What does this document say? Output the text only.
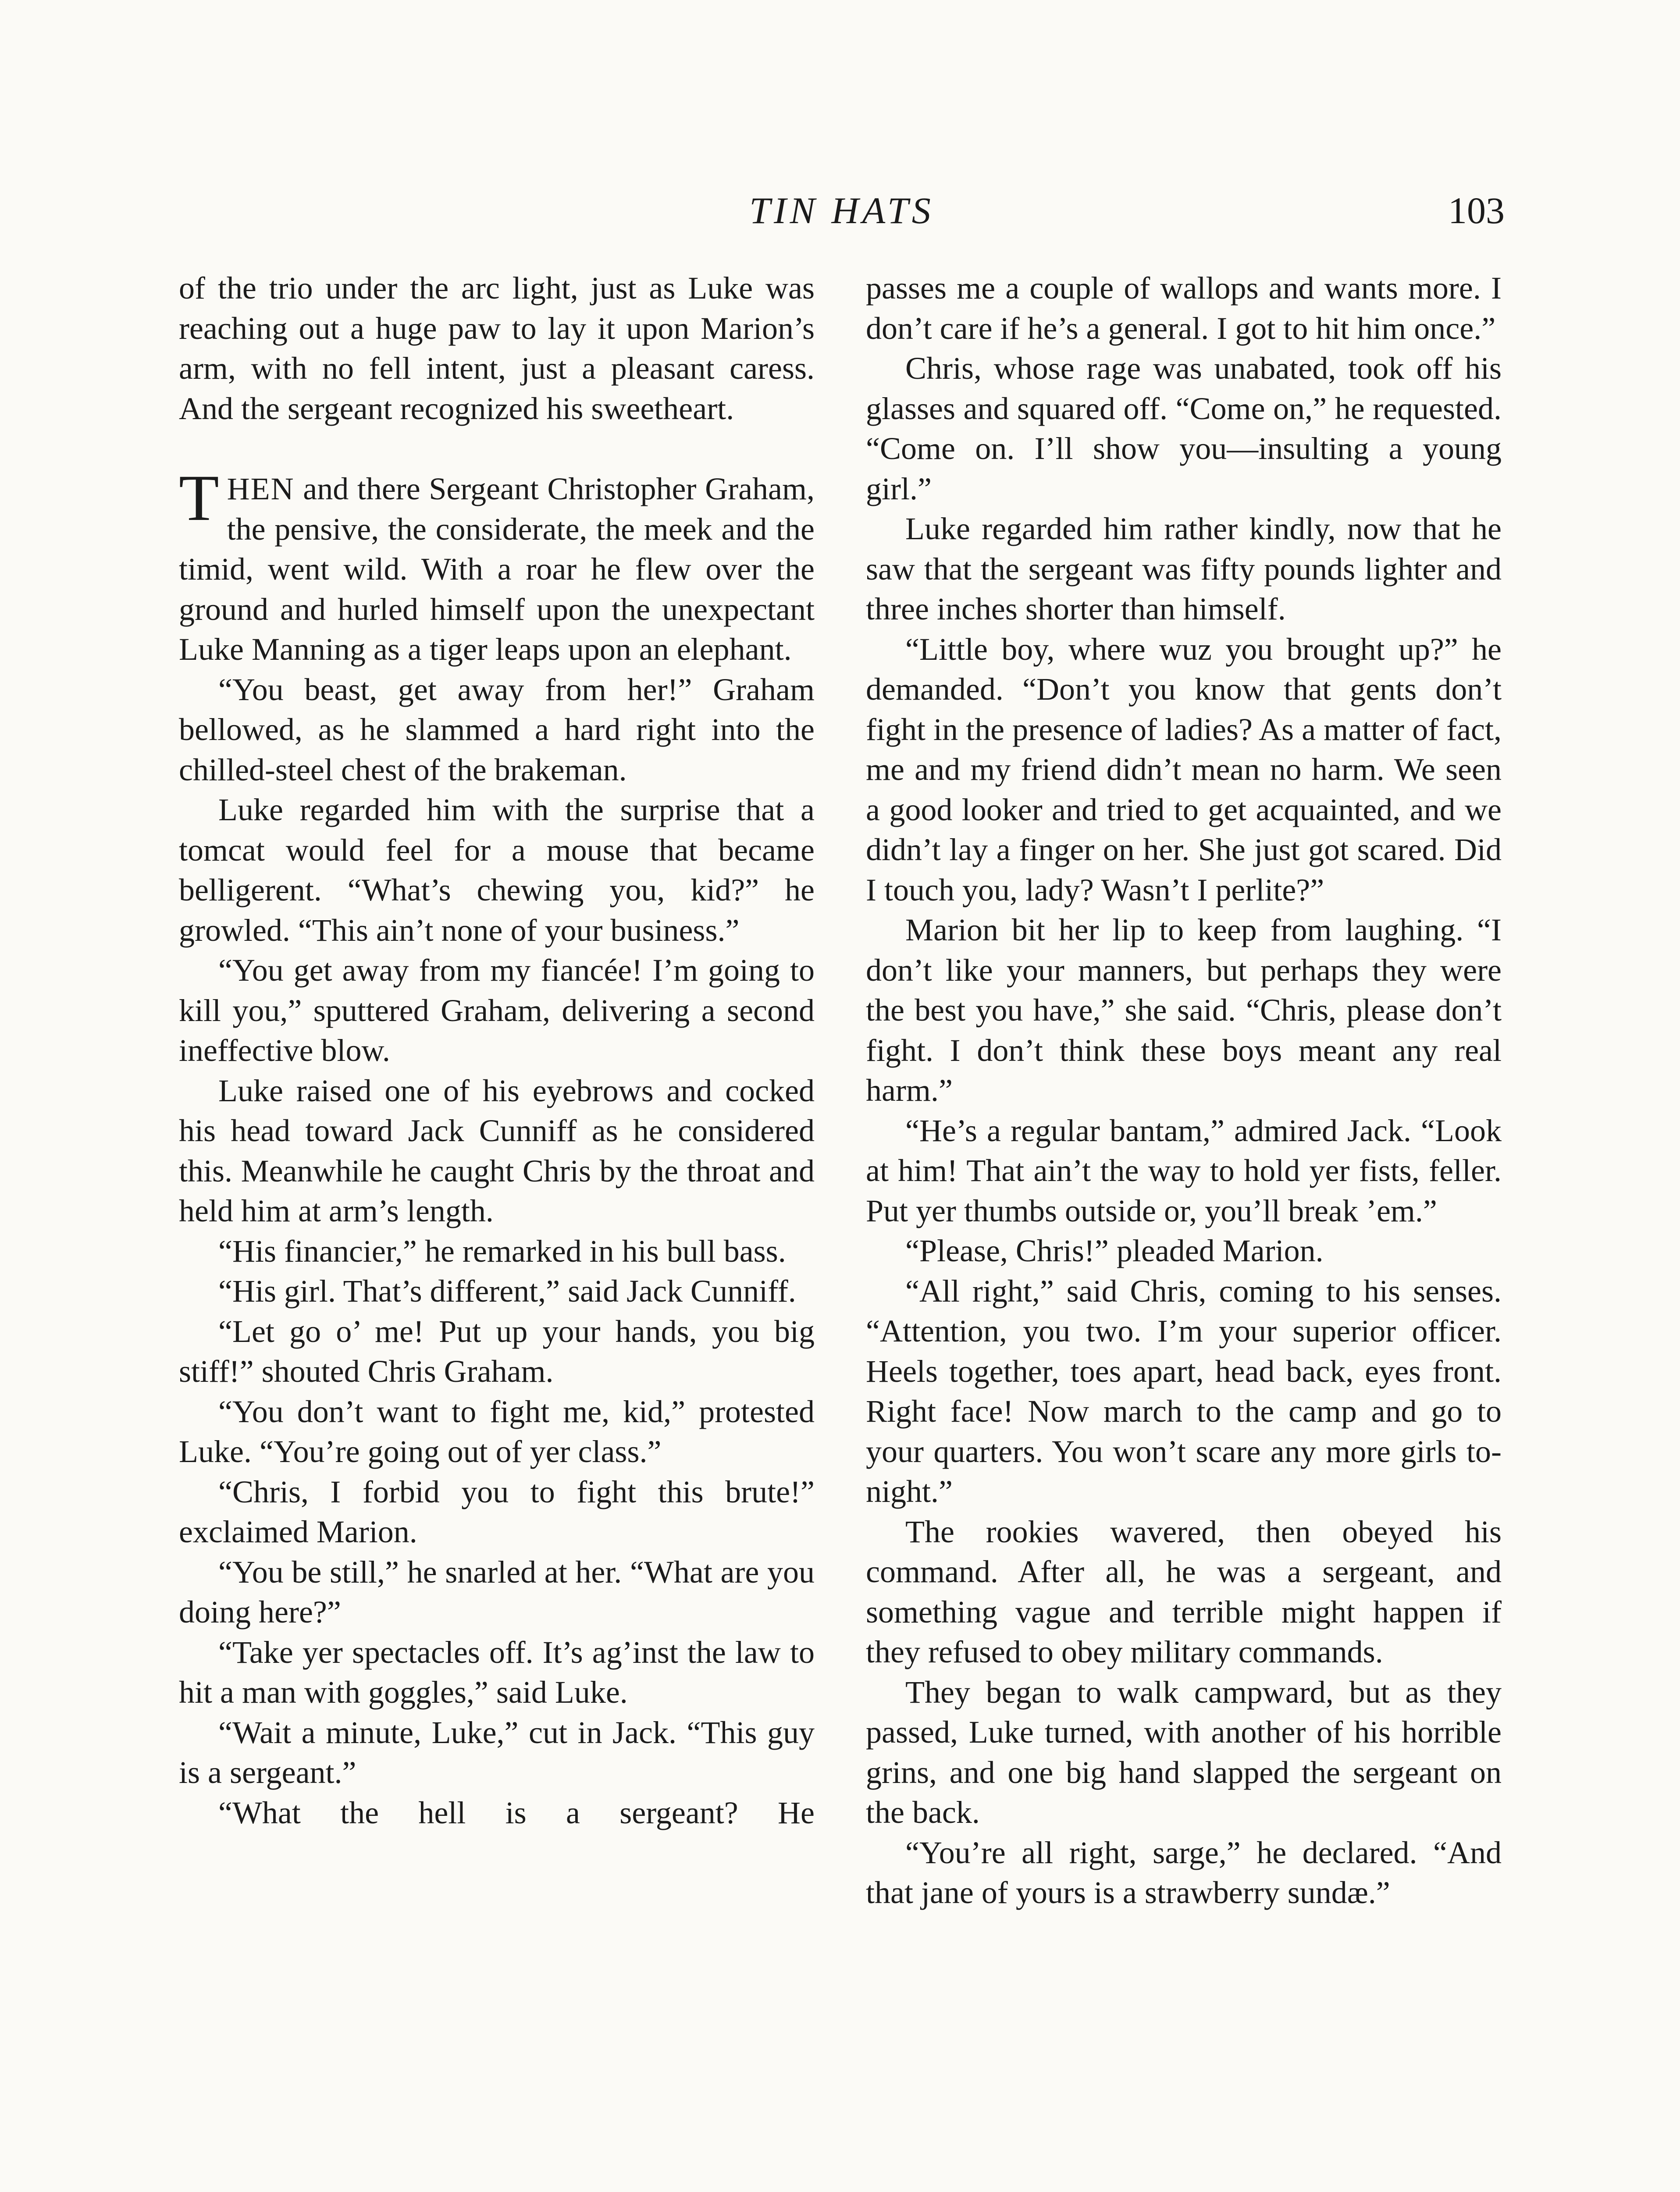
TIN HATS	103

of the trio under the arc light, just as Luke was reaching out a huge paw to lay it upon Marion’s arm, with no fell intent, just a pleasant caress. And the sergeant recognized his sweetheart.

THEN and there Sergeant Christopher Graham, the pensive, the considerate, the meek and the timid, went wild. With a roar he flew over the ground and hurled himself upon the unexpectant Luke Manning as a tiger leaps upon an elephant.

“You beast, get away from her!” Graham bellowed, as he slammed a hard right into the chilled-steel chest of the brakeman.

Luke regarded him with the surprise that a tomcat would feel for a mouse that became belligerent. “What’s chewing you, kid?” he growled. “This ain’t none of your business.”

“You get away from my fiancée! I’m going to kill you,” sputtered Graham, delivering a second ineffective blow.

Luke raised one of his eyebrows and cocked his head toward Jack Cunniff as he considered this. Meanwhile he caught Chris by the throat and held him at arm’s length.

“His financier,” he remarked in his bull bass.

“His girl. That’s different,” said Jack Cunniff.

“Let go o’ me! Put up your hands, you big stiff!” shouted Chris Graham.

“You don’t want to fight me, kid,” protested Luke. “You’re going out of yer class.”

“Chris, I forbid you to fight this brute!” exclaimed Marion.

“You be still,” he snarled at her. “What are you doing here?”

“Take yer spectacles off. It’s ag’inst the law to hit a man with goggles,” said Luke.

“Wait a minute, Luke,” cut in Jack. “This guy is a sergeant.”

“What the hell is a sergeant? He

passes me a couple of wallops and wants more. I don’t care if he’s a general. I got to hit him once.”

Chris, whose rage was unabated, took off his glasses and squared off. “Come on,” he requested. “Come on. I’ll show you—insulting a young girl.”

Luke regarded him rather kindly, now that he saw that the sergeant was fifty pounds lighter and three inches shorter than himself.

“Little boy, where wuz you brought up?” he demanded. “Don’t you know that gents don’t fight in the presence of ladies? As a matter of fact, me and my friend didn’t mean no harm. We seen a good looker and tried to get acquainted, and we didn’t lay a finger on her. She just got scared. Did I touch you, lady? Wasn’t I perlite?”

Marion bit her lip to keep from laughing. “I don’t like your manners, but perhaps they were the best you have,” she said. “Chris, please don’t fight. I don’t think these boys meant any real harm.”

“He’s a regular bantam,” admired Jack. “Look at him! That ain’t the way to hold yer fists, feller. Put yer thumbs outside or, you’ll break ’em.”

“Please, Chris!” pleaded Marion.

“All right,” said Chris, coming to his senses. “Attention, you two. I’m your superior officer. Heels together, toes apart, head back, eyes front. Right face! Now march to the camp and go to your quarters. You won’t scare any more girls to-night.”

The rookies wavered, then obeyed his command. After all, he was a sergeant, and something vague and terrible might happen if they refused to obey military commands.

They began to walk campward, but as they passed, Luke turned, with another of his horrible grins, and one big hand slapped the sergeant on the back.

“You’re all right, sarge,” he declared. “And that jane of yours is a strawberry sundæ.”
